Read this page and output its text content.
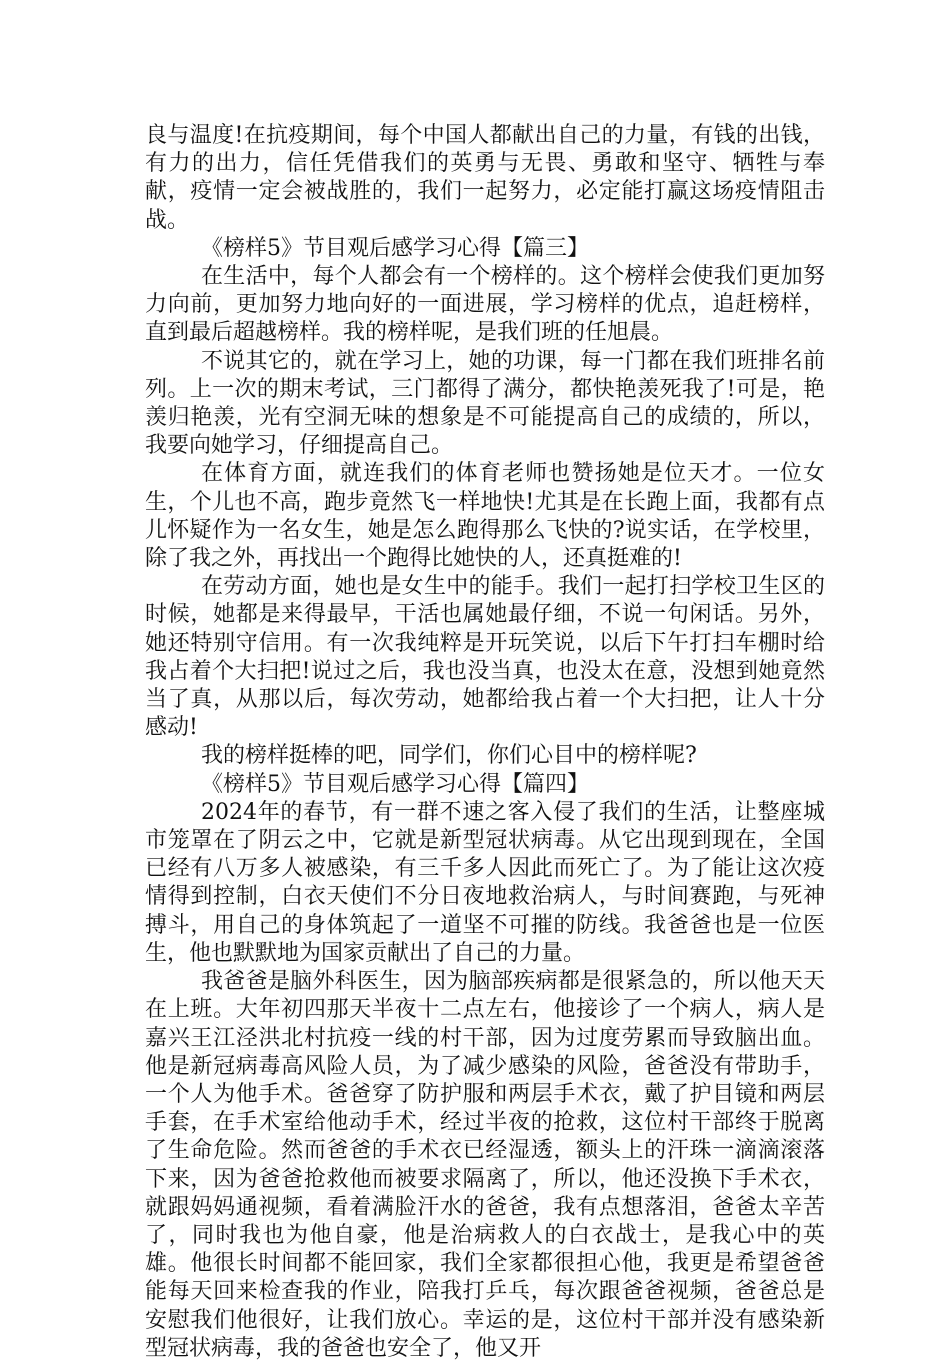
良与温度!在抗疫期间，每个中国人都献出自己的力量，有钱的出钱，有力的出力，信任凭借我们的英勇与无畏、勇敢和坚守、牺牲与奉献，疫情一定会被战胜的，我们一起努力，必定能打赢这场疫情阻击战。

《榜样5》节目观后感学习心得【篇三】

在生活中，每个人都会有一个榜样的。这个榜样会使我们更加努力向前，更加努力地向好的一面进展，学习榜样的优点，追赶榜样，直到最后超越榜样。我的榜样呢，是我们班的任旭晨。

不说其它的，就在学习上，她的功课，每一门都在我们班排名前列。上一次的期末考试，三门都得了满分，都快艳羡死我了!可是，艳羡归艳羡，光有空洞无味的想象是不可能提高自己的成绩的，所以，我要向她学习，仔细提高自己。

在体育方面，就连我们的体育老师也赞扬她是位天才。一位女生，个儿也不高，跑步竟然飞一样地快!尤其是在长跑上面，我都有点儿怀疑作为一名女生，她是怎么跑得那么飞快的?说实话，在学校里，除了我之外，再找出一个跑得比她快的人，还真挺难的!

在劳动方面，她也是女生中的能手。我们一起打扫学校卫生区的时候，她都是来得最早，干活也属她最仔细，不说一句闲话。另外，她还特别守信用。有一次我纯粹是开玩笑说，以后下午打扫车棚时给我占着个大扫把!说过之后，我也没当真，也没太在意，没想到她竟然当了真，从那以后，每次劳动，她都给我占着一个大扫把，让人十分感动!

我的榜样挺棒的吧，同学们，你们心目中的榜样呢?

《榜样5》节目观后感学习心得【篇四】

2024年的春节，有一群不速之客入侵了我们的生活，让整座城市笼罩在了阴云之中，它就是新型冠状病毒。从它出现到现在，全国已经有八万多人被感染，有三千多人因此而死亡了。为了能让这次疫情得到控制，白衣天使们不分日夜地救治病人，与时间赛跑，与死神搏斗，用自己的身体筑起了一道坚不可摧的防线。我爸爸也是一位医生，他也默默地为国家贡献出了自己的力量。

我爸爸是脑外科医生，因为脑部疾病都是很紧急的，所以他天天在上班。大年初四那天半夜十二点左右，他接诊了一个病人，病人是嘉兴王江泾洪北村抗疫一线的村干部，因为过度劳累而导致脑出血。他是新冠病毒高风险人员，为了减少感染的风险，爸爸没有带助手，一个人为他手术。爸爸穿了防护服和两层手术衣，戴了护目镜和两层手套，在手术室给他动手术，经过半夜的抢救，这位村干部终于脱离了生命危险。然而爸爸的手术衣已经湿透，额头上的汗珠一滴滴滚落下来，因为爸爸抢救他而被要求隔离了，所以，他还没换下手术衣，就跟妈妈通视频，看着满脸汗水的爸爸，我有点想落泪，爸爸太辛苦了，同时我也为他自豪，他是治病救人的白衣战士，是我心中的英雄。他很长时间都不能回家，我们全家都很担心他，我更是希望爸爸能每天回来检查我的作业，陪我打乒乓，每次跟爸爸视频，爸爸总是安慰我们他很好，让我们放心。幸运的是，这位村干部并没有感染新型冠状病毒，我的爸爸也安全了，他又开
